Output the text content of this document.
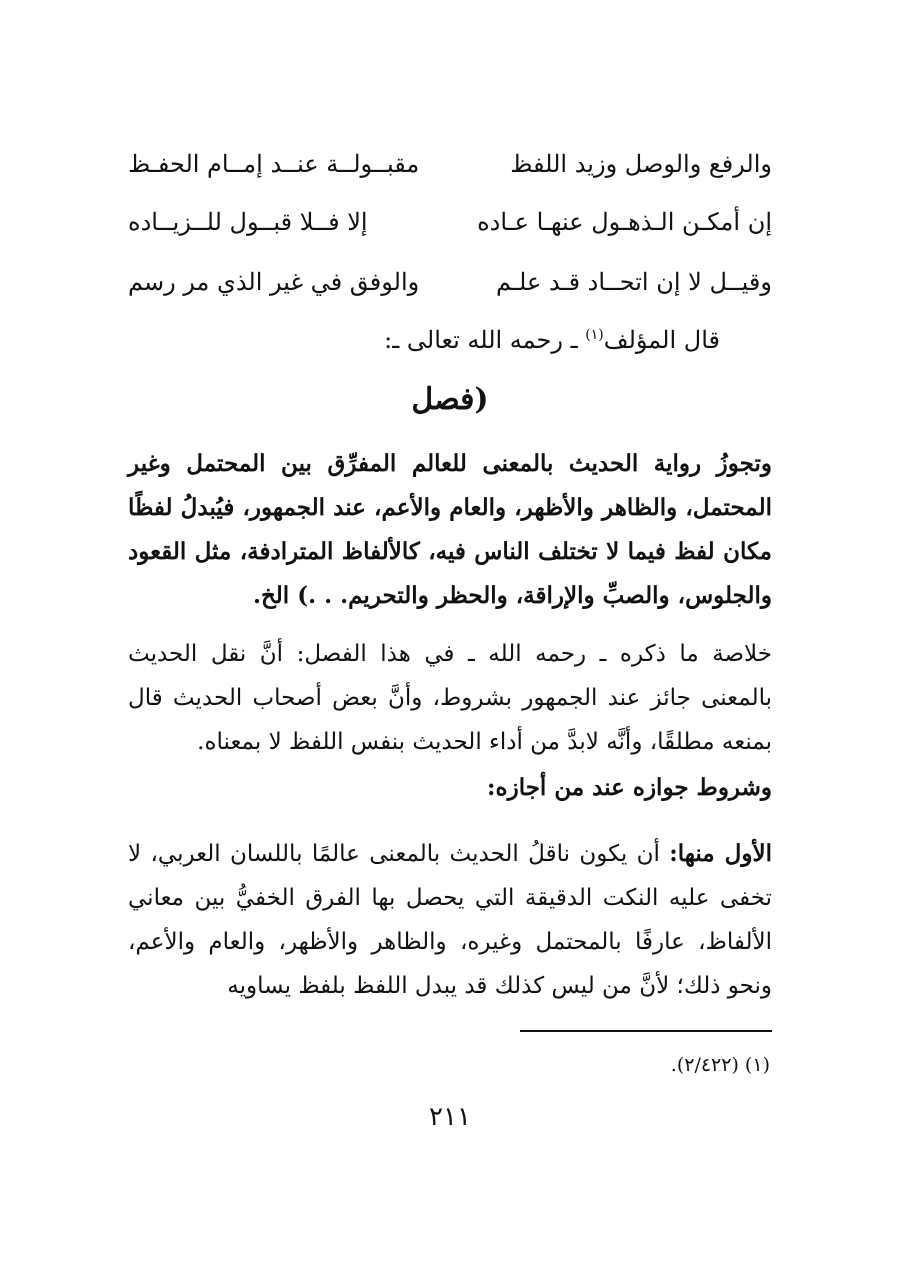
والرفع والوصل وزيد اللفظ
مقبــولــة عنــد إمــام الحفـظ
إن أمكـن الـذهـول عنهـا عـاده
إلا فــلا قبــول للــزيــاده
وقيــل لا إن اتحــاد قـد علـم
والوفق في غير الذي مر رسم
قال المؤلف$^{(١)}$ ـ رحمه الله تعالى ـ:
(فصل
وتجوزُ رواية الحديث بالمعنى للعالم المفرِّق بين المحتمل وغير المحتمل، والظاهر والأظهر، والعام والأعم، عند الجمهور، فيُبدلُ لفظًا مكان لفظ فيما لا تختلف الناس فيه، كالألفاظ المترادفة، مثل القعود والجلوس، والصبِّ والإراقة، والحظر والتحريم. . .) الخ.
خلاصة ما ذكره ـ رحمه الله ـ في هذا الفصل: أنَّ نقل الحديث بالمعنى جائز عند الجمهور بشروط، وأنَّ بعض أصحاب الحديث قال بمنعه مطلقًا، وأنَّه لابدَّ من أداء الحديث بنفس اللفظ لا بمعناه.
وشروط جوازه عند من أجازه:
الأول منها: أن يكون ناقلُ الحديث بالمعنى عالمًا باللسان العربي، لا تخفى عليه النكت الدقيقة التي يحصل بها الفرق الخفيُّ بين معاني الألفاظ، عارفًا بالمحتمل وغيره، والظاهر والأظهر، والعام والأعم، ونحو ذلك؛ لأنَّ من ليس كذلك قد يبدل اللفظ بلفظ يساويه
(١) (٢/٤٢٢).
٢١١
